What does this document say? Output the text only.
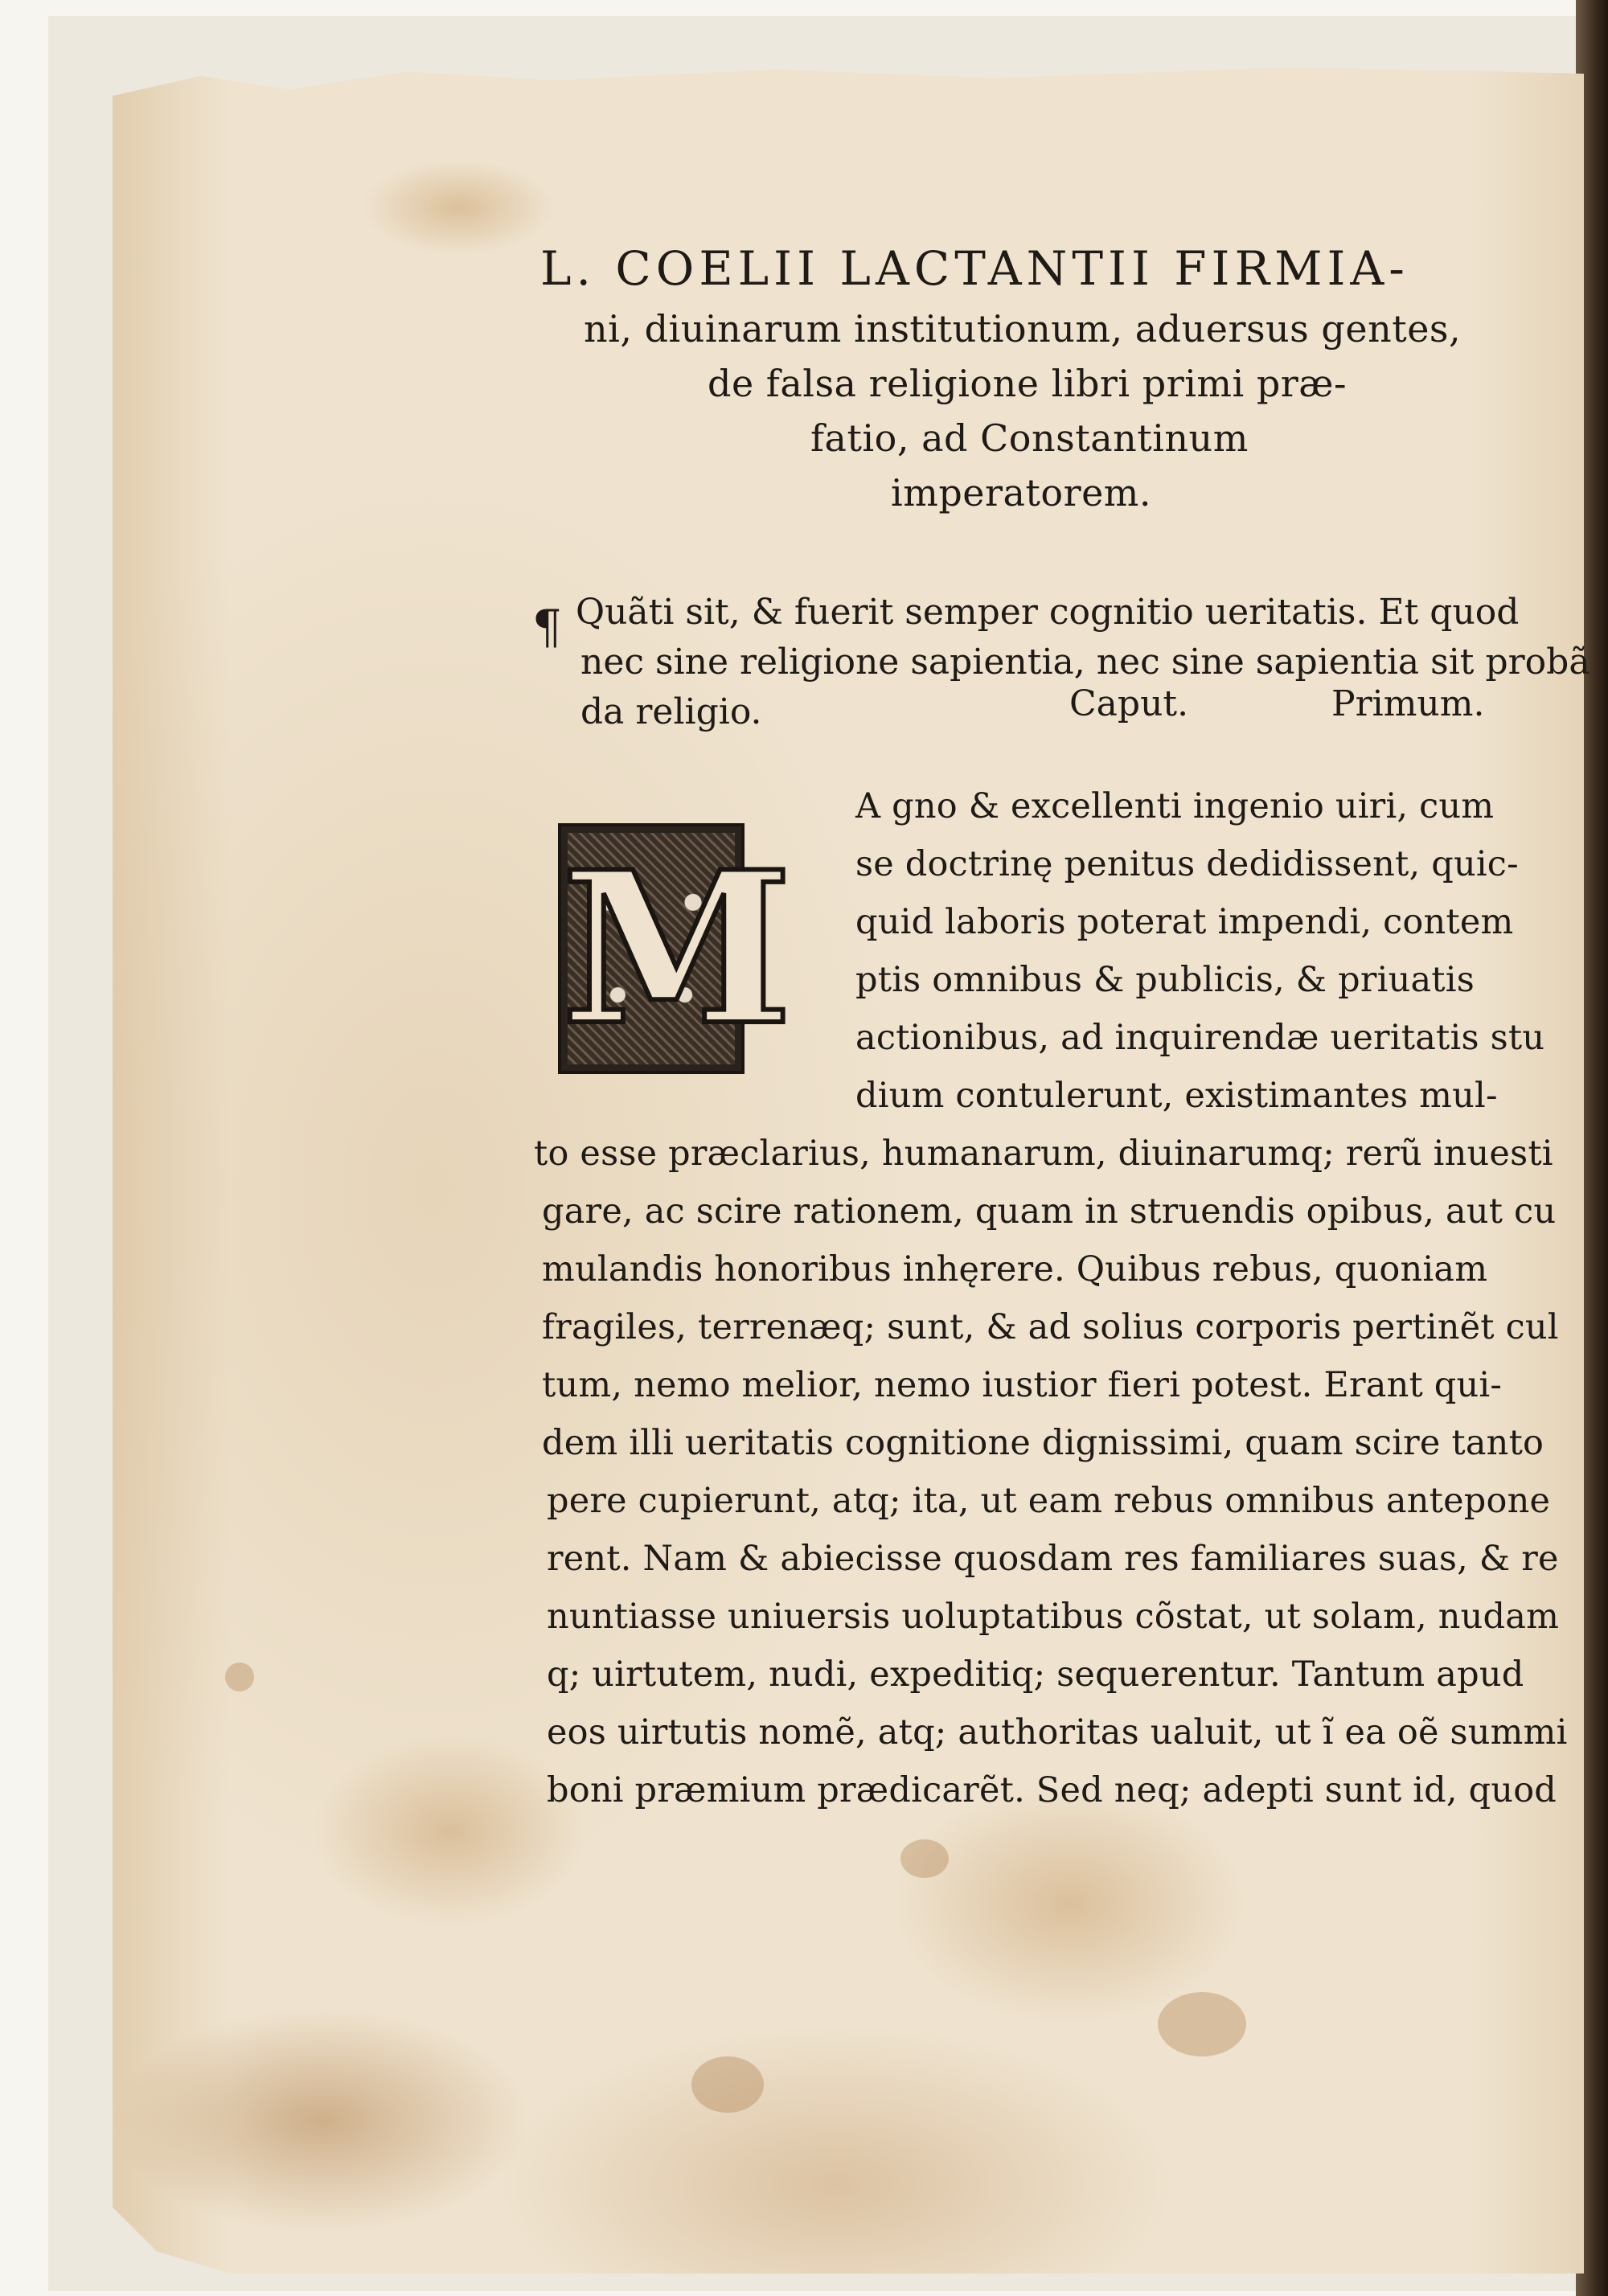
L. COELII LACTANTII FIRMIA-
ni, diuinarum institutionum, aduersus gentes,
de falsa religione libri primi præ-
fatio, ad Constantinum
imperatorem.
¶ Quãti sit, & fuerit semper cognitio ueritatis. Et quod
nec sine religione sapientia, nec sine sapientia sit probã
da religio.	Caput.	Primum.
M
A gno & excellenti ingenio uiri, cum
se doctrinę penitus dedidissent, quic-
quid laboris poterat impendi, contem
ptis omnibus & publicis, & priuatis
actionibus, ad inquirendæ ueritatis stu
dium contulerunt, existimantes mul-
to esse præclarius, humanarum, diuinarumq; rerũ inuesti
gare, ac scire rationem, quam in struendis opibus, aut cu
mulandis honoribus inhęrere. Quibus rebus, quoniam
fragiles, terrenæq; sunt, & ad solius corporis pertinẽt cul
tum, nemo melior, nemo iustior fieri potest. Erant qui-
dem illi ueritatis cognitione dignissimi, quam scire tanto
pere cupierunt, atq; ita, ut eam rebus omnibus antepone
rent. Nam & abiecisse quosdam res familiares suas, & re
nuntiasse uniuersis uoluptatibus cõstat, ut solam, nudam
q; uirtutem, nudi, expeditiq; sequerentur. Tantum apud
eos uirtutis nomẽ, atq; authoritas ualuit, ut ĩ ea oẽ summi
boni præmium prædicarẽt. Sed neq; adepti sunt id, quod
